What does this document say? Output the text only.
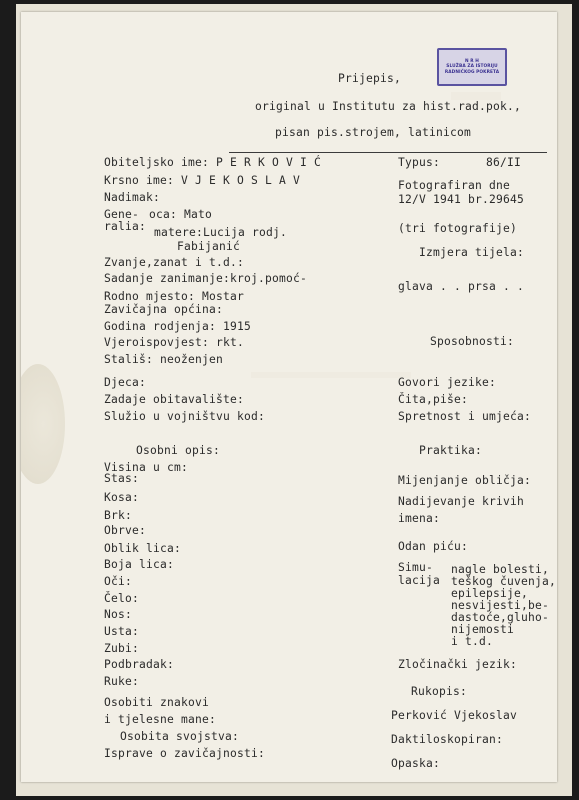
N R H
SLUŽBA ZA ISTORIJU
RADNIČKOG POKRETA
Prijepis,
original u Institutu za hist.rad.pok.,
pisan pis.strojem, latinicom
Obiteljsko ime: P E R K O V I Ć
Krsno ime: V J E K O S L A V
Nadimak:
Gene-
ralia:
oca: Mato
matere:Lucija rodj.
Fabijanić
Zvanje,zanat i t.d.:
Sadanje zanimanje:kroj.pomoć-
Rodno mjesto: Mostar
Zavičajna općina:
Godina rodjenja: 1915
Vjeroispovjest: rkt.
Stališ: neoženjen
Djeca:
Zadaje obitavalište:
Služio u vojništvu kod:
Osobni opis:
Visina u cm:
Stas:
Kosa:
Brk:
Obrve:
Oblik lica:
Boja lica:
Oči:
Čelo:
Nos:
Usta:
Zubi:
Podbradak:
Ruke:
Osobiti znakovi
i tjelesne mane:
Osobita svojstva:
Isprave o zavičajnosti:
Typus:	86/II
Fotografiran dne
12/V 1941 br.29645
(tri fotografije)
Izmjera tijela:
glava . . prsa . .
Sposobnosti:
Govori jezike:
Čita,piše:
Spretnost i umjeća:
Praktika:
Mijenjanje obličja:
Nadijevanje krivih
imena:
Odan piću:
Simu-
lacija
nagle bolesti,
teškog čuvenja,
epilepsije,
nesvijesti,be-
dastoće,gluho-
nijemosti
i t.d.
Zločinački jezik:
Rukopis:
Perković Vjekoslav
Daktiloskopiran:
Opaska:
